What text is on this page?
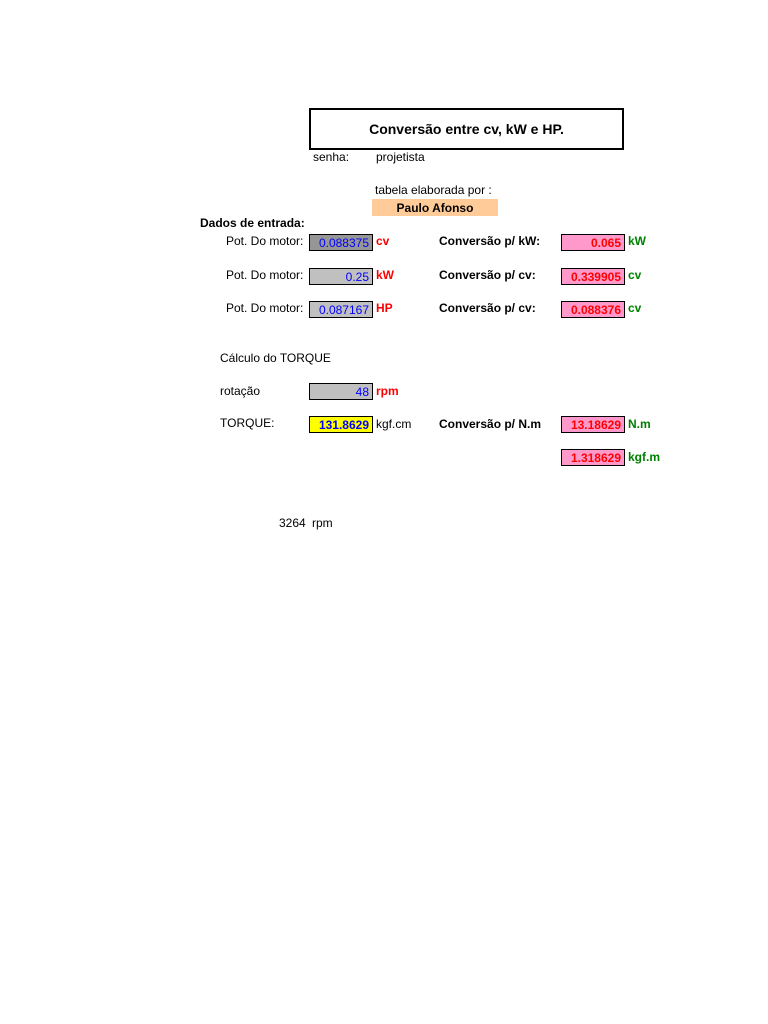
Conversão entre cv, kW e HP.
senha: projetista
tabela elaborada por :
Paulo Afonso
Dados de entrada:
Pot. Do motor:	0.088375 cv	Conversão p/ kW:	0.065 kW
Pot. Do motor:	0.25 kW	Conversão p/ cv:	0.339905 cv
Pot. Do motor:	0.087167 HP	Conversão p/ cv:	0.088376 cv
Cálculo do TORQUE
rotação	48 rpm
TORQUE:	131.8629 kgf.cm Conversão p/ N.m	13.18629 N.m
1.318629 kgf.m
3264 rpm
